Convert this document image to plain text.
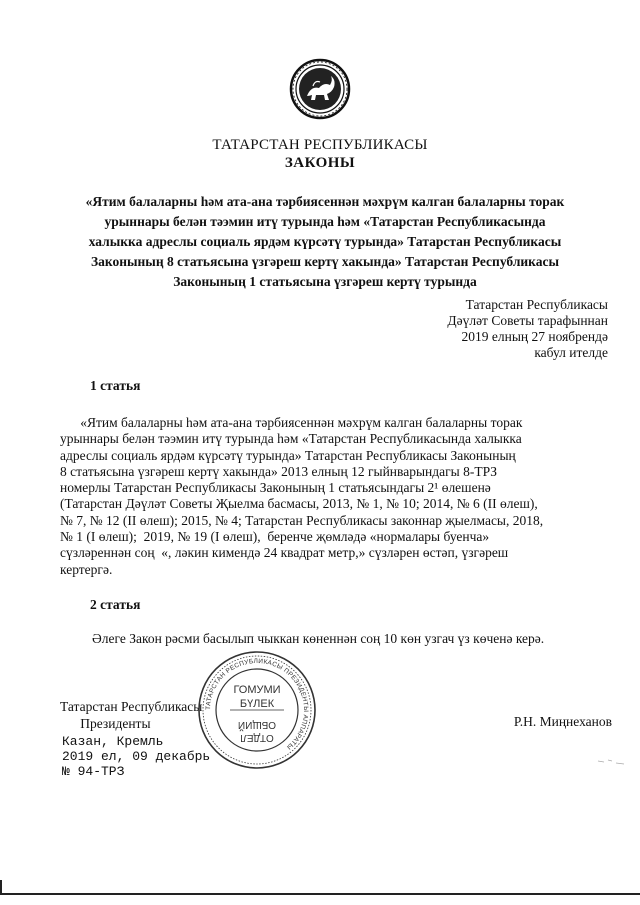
ТАТАРСТАН РЕСПУБЛИКАСЫ
ЗАКОНЫ
«Ятим балаларны һәм ата-ана тәрбиясеннән мәхрүм калган балаларны торак
урыннары белән тәэмин итү турында һәм «Татарстан Республикасында
халыкка адреслы социаль ярдәм күрсәтү турында» Татарстан Республикасы
Законының 8 статьясына үзгәреш кертү хакында» Татарстан Республикасы
Законының 1 статьясына үзгәреш кертү турында
Татарстан Республикасы
Дәүләт Советы тарафыннан
2019 елның 27 ноябрендә
кабул ителде
1 статья
«Ятим балаларны һәм ата-ана тәрбиясеннән мәхрүм калган балаларны торак
урыннары белән тәэмин итү турында һәм «Татарстан Республикасында халыкка
адреслы социаль ярдәм күрсәтү турында» Татарстан Республикасы Законының
8 статьясына үзгәреш кертү хакында» 2013 елның 12 гыйнварындагы 8-ТРЗ
номерлы Татарстан Республикасы Законының 1 статьясындагы 2¹ өлешенә
(Татарстан Дәүләт Советы Җыелма басмасы, 2013, № 1, № 10; 2014, № 6 (II өлеш),
№ 7, № 12 (II өлеш); 2015, № 4; Татарстан Республикасы законнар җыелмасы, 2018,
№ 1 (I өлеш);  2019, № 19 (I өлеш),  беренче җөмләдә «нормалары буенча»
сүзләреннән соң  «, ләкин кимендә 24 квадрат метр,» сүзләрен өстәп, үзгәреш
кертергә.
2 статья
Әлеге Закон рәсми басылып чыккан көненнән соң 10 көн узгач үз көченә керә.
Татарстан Республикасы
Президенты	Р.Н. Миңнеханов
Казан, Кремль
2019 ел, 09 декабрь
№ 94-ТРЗ
ТАТАРСТАН РЕСПУБЛИКАСЫ ПРЕЗИДЕНТЫ АППАРАТЫ
ГОМУМИ
БҮЛЕК
ОТДЕЛ
ОБЩИЙ
